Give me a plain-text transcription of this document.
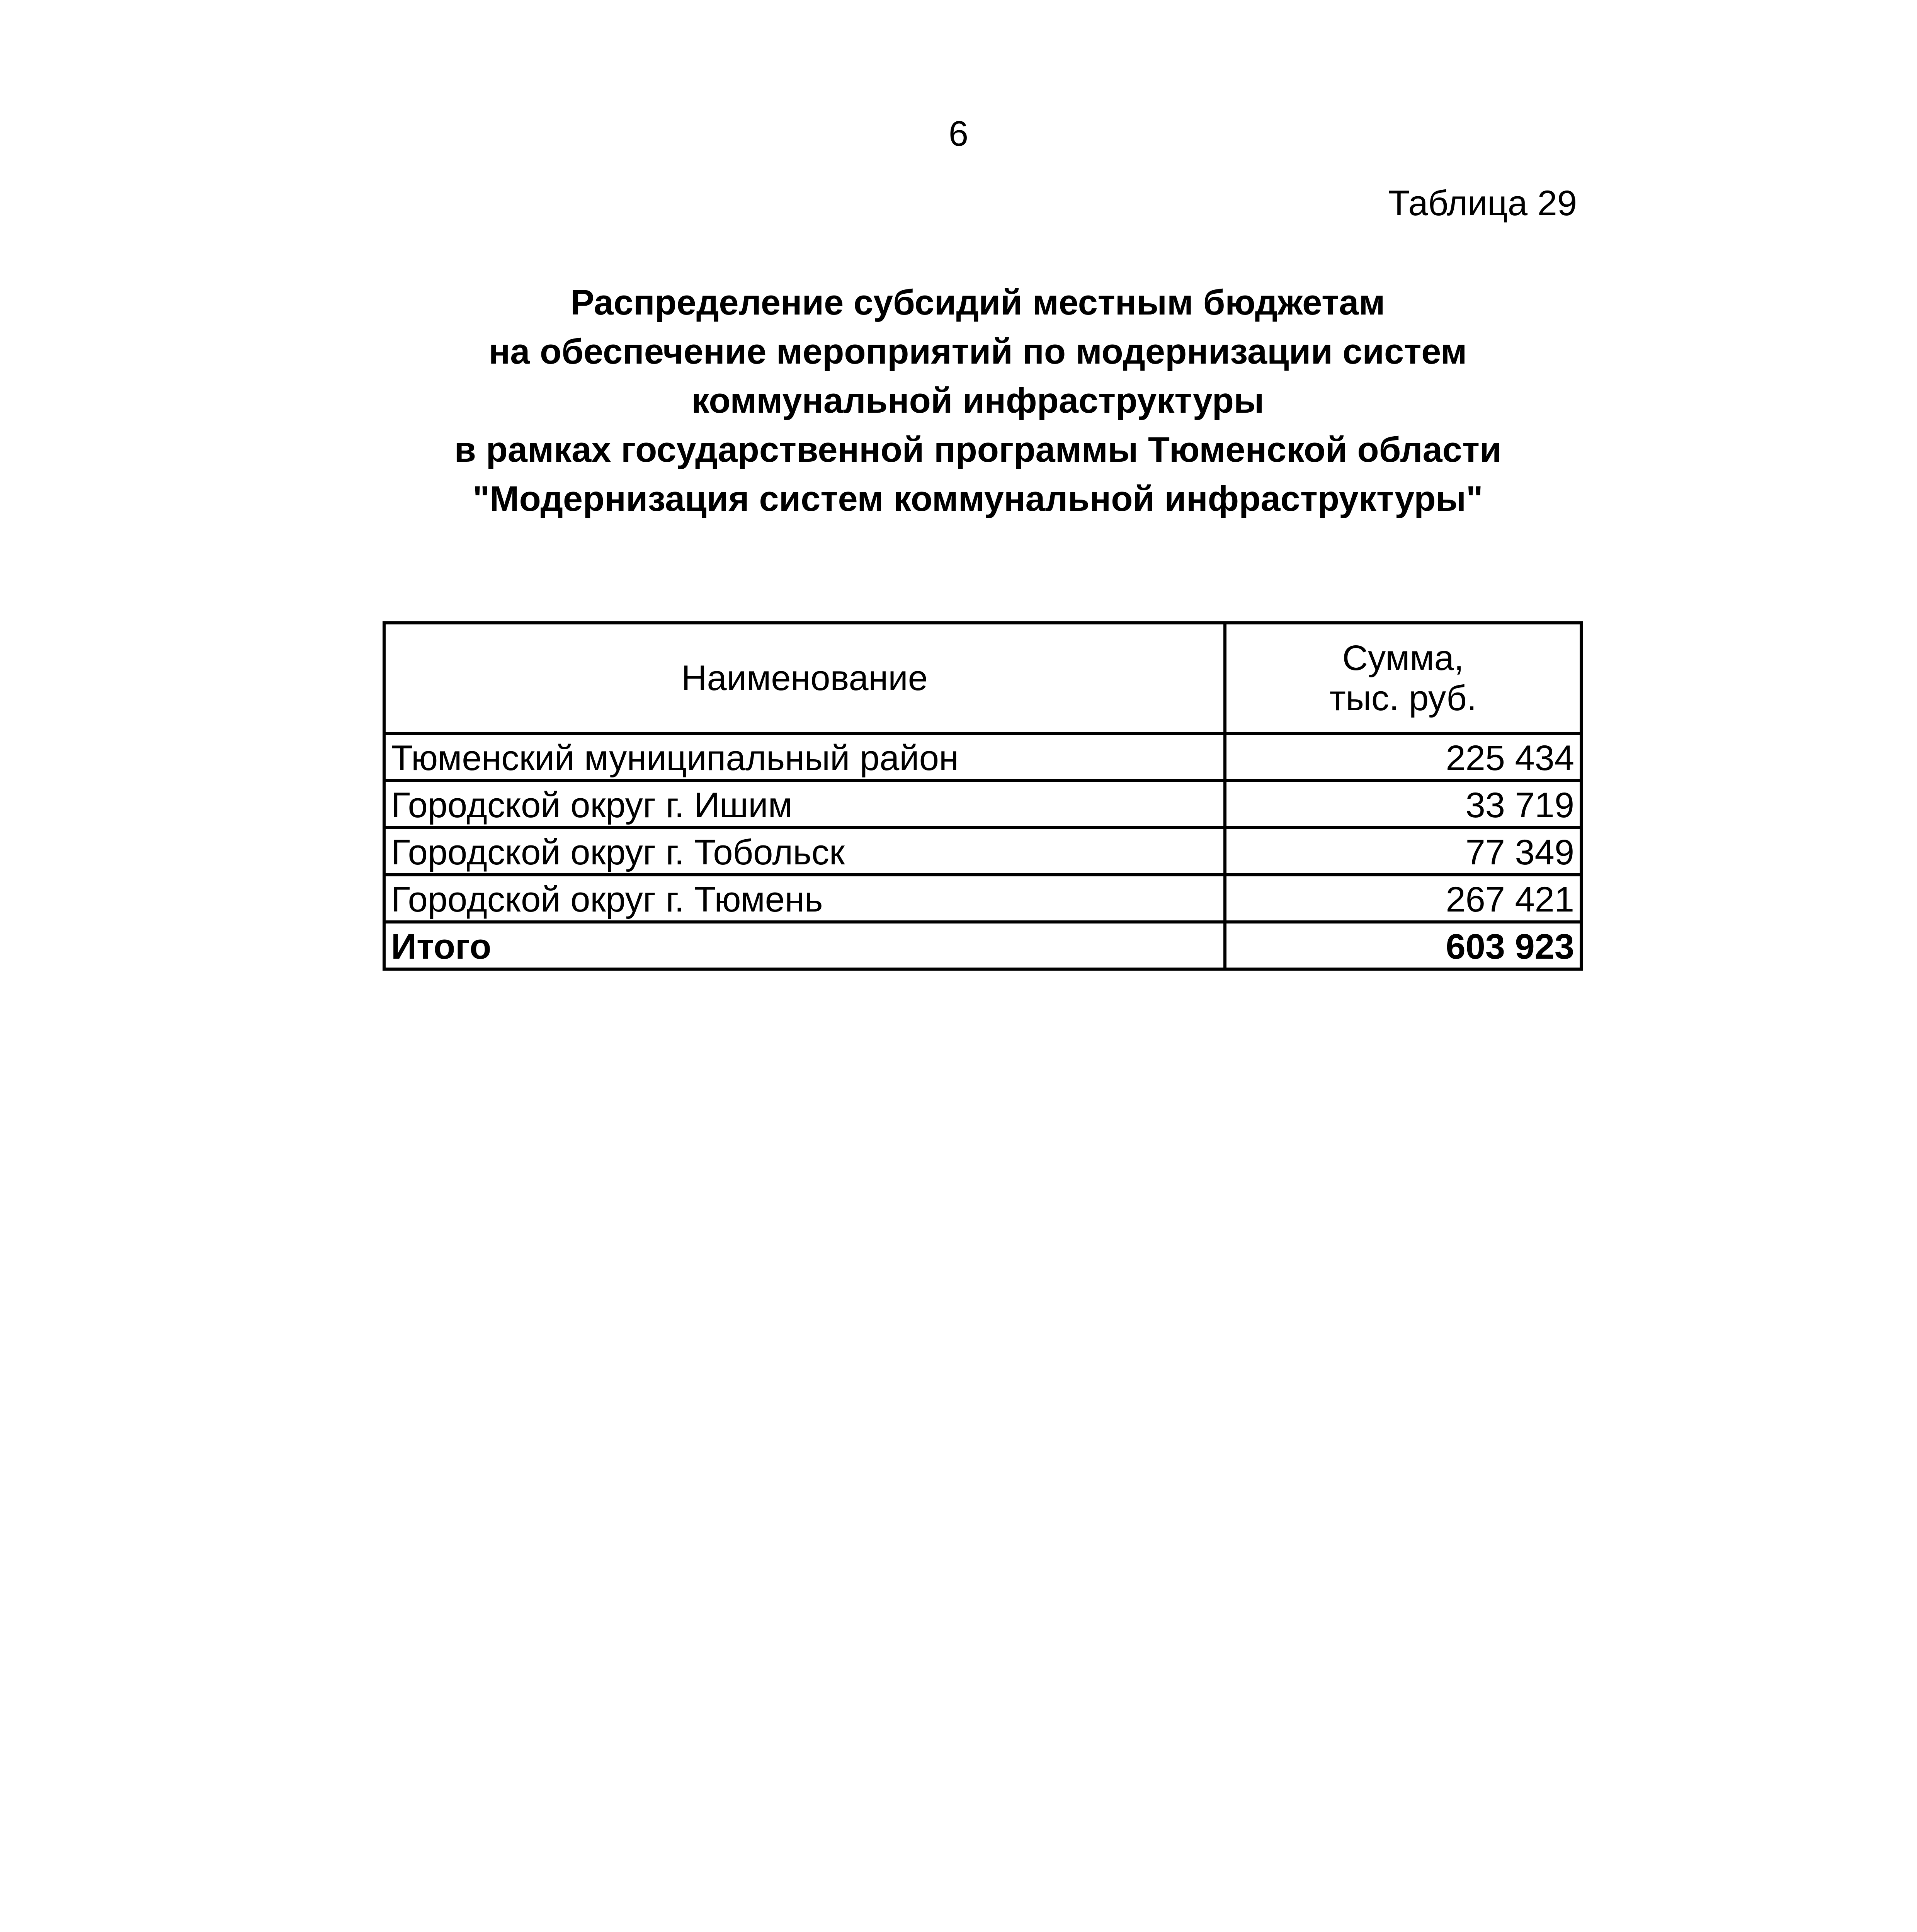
6
Таблица 29
Распределение субсидий местным бюджетам
на обеспечение мероприятий по модернизации систем
коммунальной инфраструктуры
в рамках государственной программы Тюменской области
"Модернизация систем коммунальной инфраструктуры"
Наименование	Сумма,
тыс. руб.

Тюменский муниципальный район	225 434
Городской округ г. Ишим	33 719
Городской округ г. Тобольск	77 349
Городской округ г. Тюмень	267 421
Итого	603 923
